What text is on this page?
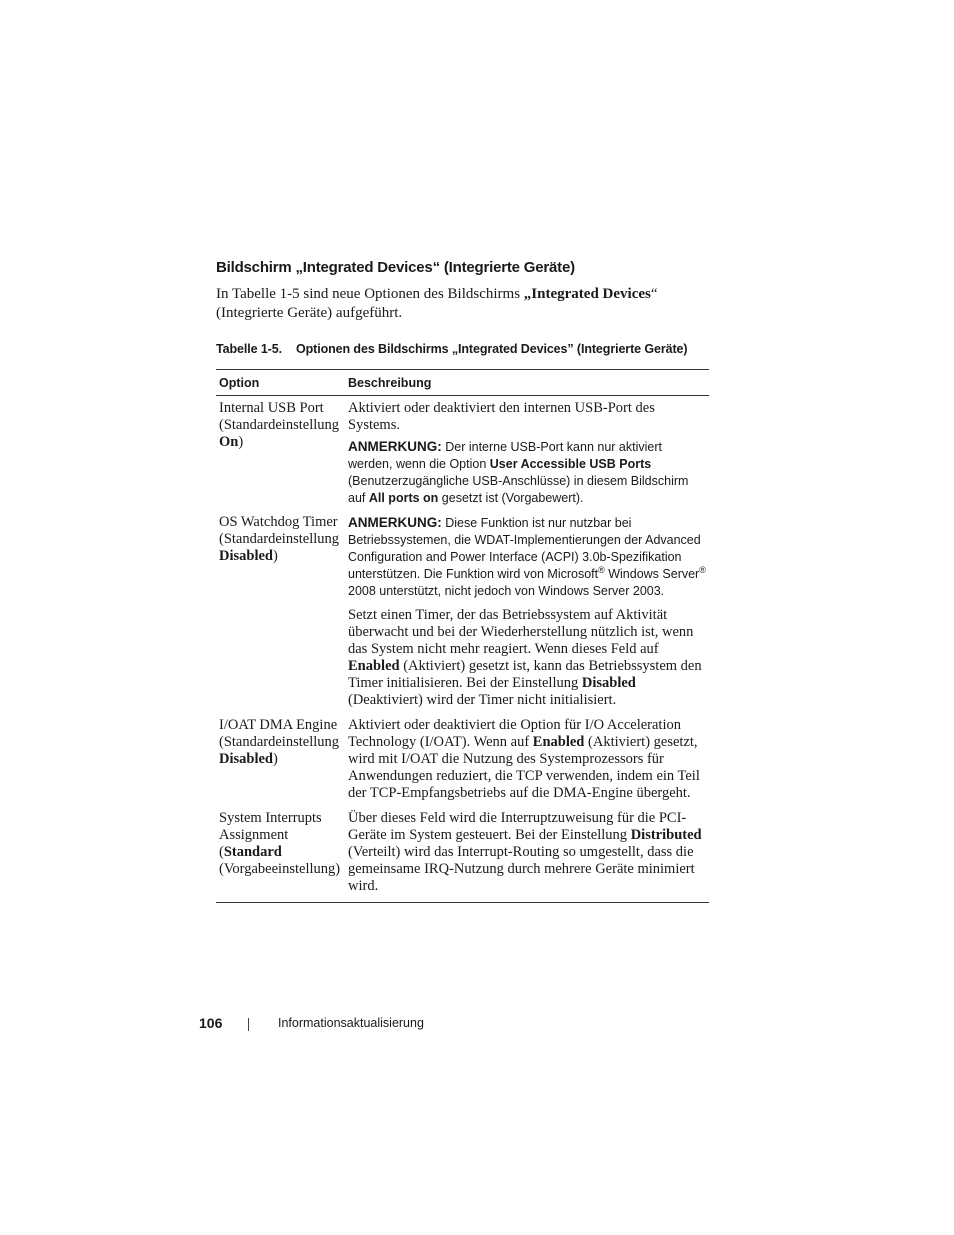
Bildschirm „Integrated Devices“ (Integrierte Geräte)
In Tabelle 1-5 sind neue Optionen des Bildschirms „Integrated Devices“ (Integrierte Geräte) aufgeführt.
Tabelle 1-5. Optionen des Bildschirms „Integrated Devices” (Integrierte Geräte)
Option	Beschreibung
Internal USB Port
(Standardeinstellung
On)

Aktiviert oder deaktiviert den internen USB-Port des Systems.

ANMERKUNG: Der interne USB-Port kann nur aktiviert werden, wenn die Option User Accessible USB Ports (Benutzerzugängliche USB-Anschlüsse) in diesem Bildschirm auf All ports on gesetzt ist (Vorgabewert).

OS Watchdog Timer
(Standardeinstellung
Disabled)

ANMERKUNG: Diese Funktion ist nur nutzbar bei Betriebssystemen, die WDAT-Implementierungen der Advanced Configuration and Power Interface (ACPI) 3.0b-Spezifikation unterstützen. Die Funktion wird von Microsoft® Windows Server® 2008 unterstützt, nicht jedoch von Windows Server 2003.

Setzt einen Timer, der das Betriebssystem auf Aktivität überwacht und bei der Wiederherstellung nützlich ist, wenn das System nicht mehr reagiert. Wenn dieses Feld auf Enabled (Aktiviert) gesetzt ist, kann das Betriebssystem den Timer initialisieren. Bei der Einstellung Disabled (Deaktiviert) wird der Timer nicht initialisiert.

I/OAT DMA Engine
(Standardeinstellung
Disabled)

Aktiviert oder deaktiviert die Option für I/O Acceleration Technology (I/OAT). Wenn auf Enabled (Aktiviert) gesetzt, wird mit I/OAT die Nutzung des Systemprozessors für Anwendungen reduziert, die TCP verwenden, indem ein Teil der TCP-Empfangsbetriebs auf die DMA-Engine übergeht.

System Interrupts
Assignment
(Standard
(Vorgabeeinstellung)

Über dieses Feld wird die Interruptzuweisung für die PCI-Geräte im System gesteuert. Bei der Einstellung Distributed (Verteilt) wird das Interrupt-Routing so umgestellt, dass die gemeinsame IRQ-Nutzung durch mehrere Geräte minimiert wird.

106	Informationsaktualisierung
